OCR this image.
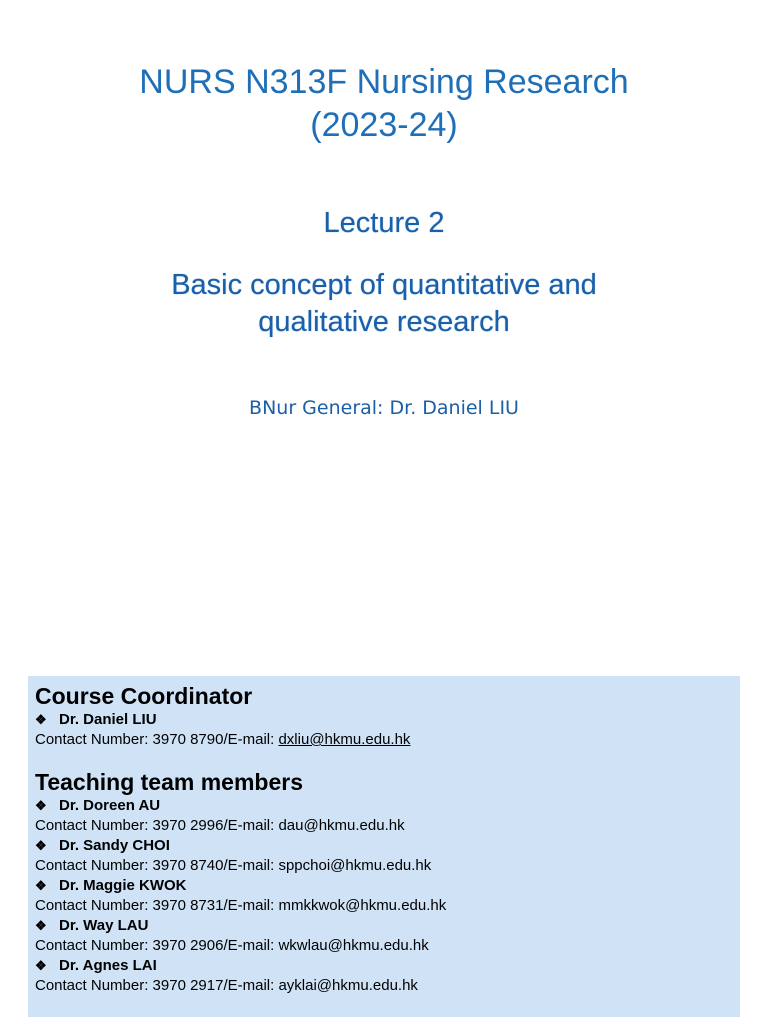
NURS N313F Nursing Research
(2023-24)
Lecture 2
Basic concept of quantitative and
qualitative research
BNur General: Dr. Daniel LIU
Course Coordinator
❖ Dr. Daniel LIU
Contact Number: 3970 8790/E-mail: dxliu@hkmu.edu.hk
Teaching team members
❖ Dr. Doreen AU
Contact Number: 3970 2996/E-mail: dau@hkmu.edu.hk
❖ Dr. Sandy CHOI
Contact Number: 3970 8740/E-mail: sppchoi@hkmu.edu.hk
❖ Dr. Maggie KWOK
Contact Number: 3970 8731/E-mail: mmkkwok@hkmu.edu.hk
❖ Dr. Way LAU
Contact Number: 3970 2906/E-mail: wkwlau@hkmu.edu.hk
❖ Dr. Agnes LAI
Contact Number: 3970 2917/E-mail: ayklai@hkmu.edu.hk
